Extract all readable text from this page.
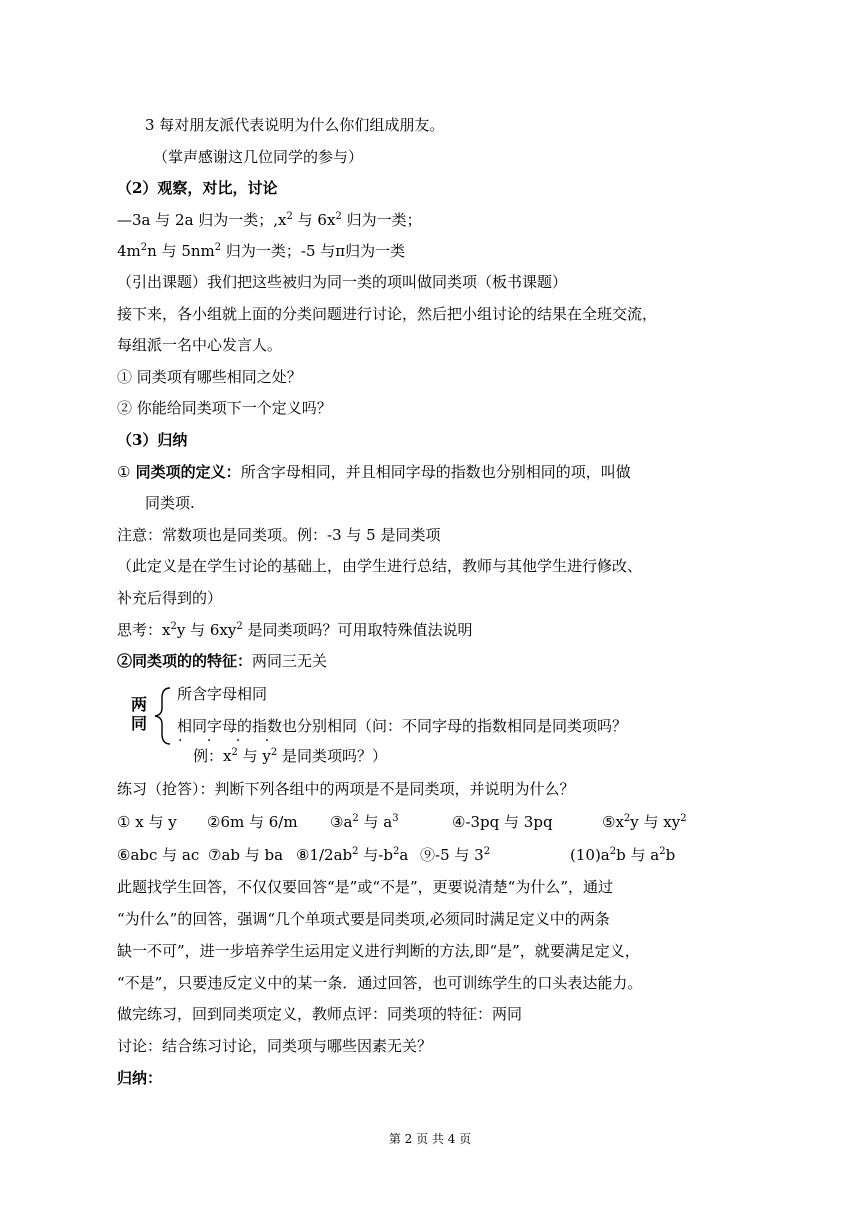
3 每对朋友派代表说明为什么你们组成朋友。
（掌声感谢这几位同学的参与）
（2）观察，对比，讨论
—3a 与 2a 归为一类；$,x^2$ 与 $6x^2$ 归为一类；
$4m^2n$ 与 $5nm^2$ 归为一类；-5 与π归为一类
（引出课题）我们把这些被归为同一类的项叫做同类项（板书课题）
接下来，各小组就上面的分类问题进行讨论，然后把小组讨论的结果在全班交流，
每组派一名中心发言人。
① 同类项有哪些相同之处？
② 你能给同类项下一个定义吗？
（3）归纳
① 同类项的定义：所含字母相同，并且相同字母的指数也分别相同的项，叫做
同类项.
注意：常数项也是同类项。例：-3 与 5 是同类项
（此定义是在学生讨论的基础上，由学生进行总结，教师与其他学生进行修改、
补充后得到的）
思考：$x^2y$ 与 $6xy^2$ 是同类项吗？可用取特殊值法说明
②同类项的的特征：两同三无关
两
同
所含字母相同
相同字母的指数也分别相同（问：不同字母的指数相同是同类项吗？
· · · ·
例：$x^2$ 与 $y^2$ 是同类项吗？）
练习（抢答）：判断下列各组中的两项是不是同类项，并说明为什么？
① x 与 y ②6m 与 6/m $③a^2$ 与 $a^3$	④-3pq 与 3pq	$⑤x^2y$ 与 $xy^2$
⑥abc 与 ac ⑦ab 与 ba $⑧1/2ab^2$ 与$-b^2a$ ⑨-5 与 $3^2$	$(10)a^2b$ 与 $a^2b$
此题找学生回答，不仅仅要回答“是”或“不是”，更要说清楚“为什么”，通过
“为什么”的回答，强调“几个单项式要是同类项,必须同时满足定义中的两条
缺一不可”，进一步培养学生运用定义进行判断的方法,即“是”，就要满足定义，
“不是”，只要违反定义中的某一条．通过回答，也可训练学生的口头表达能力。
做完练习，回到同类项定义，教师点评：同类项的特征：两同
讨论：结合练习讨论，同类项与哪些因素无关？
归纳：
第 2 页 共 4 页
